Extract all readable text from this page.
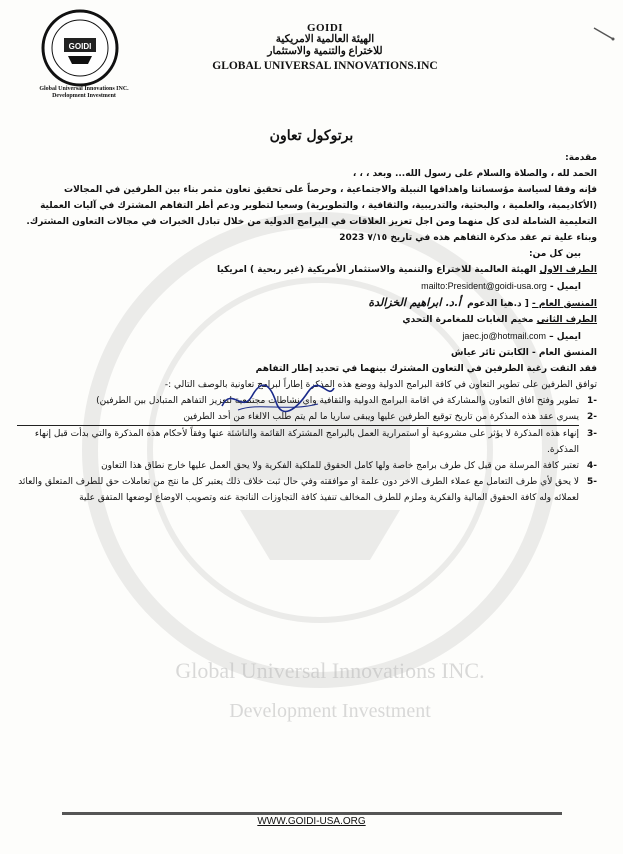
GOIDI
Global Universal Innovations INC.
Development Investment
GOIDI
الهيئة العالمية الامريكية
للاختراع والتنمية والاستثمار
GLOBAL UNIVERSAL INNOVATIONS.INC
برتوكول تعاون

مقدمة:

الحمد لله ، والصلاة والسلام على رسول الله... وبعد ، ، ،

فإنه وفقا لسياسة مؤسساتنا واهدافها النبيلة والاجتماعية ، وحرصاً على تحقيق تعاون مثمر بناء بين الطرفين في المجالات (الأكاديمية، والعلمية ، والبحثية، والتدريبية، والثقافية ، والتطويرية) وسعيا لتطوير ودعم أطر التفاهم المشترك في آليات العملية التعليمية الشاملة لدى كل منهما ومن اجل تعزيز العلاقات في البرامج الدولية من خلال تبادل الخبرات في مجالات التعاون المشترك.

وبناء علية تم عقد مذكرة التفاهم هذه في تاريخ ٧/١٥ 2023

بين كل من:

الطرف الاول الهيئة العالمية للاختراع والتنمية والاستثمار الأمريكية (غير ربحية ) امريكيا

ايميل - mailto:President@goidi-usa.org

المنسق العام - [ د.هيا الدعوم  أ.د. ابراهيم الخزالدة

الطرف الثاني مخيم الغابات للمغامرة التحدي

ايميل – jaec.jo@hotmail.com

المنسق العام - الكابتن ثائر عياش

فقد التقت رغبة الطرفين في التعاون المشترك بينهما في تحديد إطار التفاهم

توافق الطرفين على تطوير التعاون في كافة البرامج الدولية ووضع هذه المذكرة إطاراً لبرامج تعاونية بالوصف التالي :-

-1
تطوير وفتح افاق التعاون والمشاركة في اقامة البرامج الدولية والثقافية واي نشاطات مجتمعية لتعزيز التفاهم المتبادل بين الطرفين)
-2
يسري عقد هذه المذكرة من تاريخ توقيع الطرفين عليها ويبقى ساريا ما لم يتم طلب الالغاء من أحد الطرفين
-3
إنهاء هذه المذكرة لا يؤثر على مشروعية أو استمرارية العمل بالبرامج المشتركة القائمة والناشئة عنها وفقاً لأحكام هذه المذكرة والتي بدأت قبل إنهاء المذكرة.
-4
تعتبر كافة المرسلة من قبل كل طرف برامج خاصة ولها كامل الحقوق للملكية الفكرية ولا يحق العمل عليها خارج نطاق هذا التعاون
-5
لا يحق لأي طرف التعامل مع عملاء الطرف الاخر دون علمة او موافقته وفي حال ثبت خلاف ذلك يعتبر كل ما نتج من تعاملات حق للطرف المتعلق والعائد لعملائه وله كافة الحقوق المالية والفكرية وملزم للطرف المخالف تنفيذ كافة التجاوزات الناتجة عنه وتصويب الاوضاع لوضعها المتفق علية
Global Universal Innovations INC.
Development Investment
WWW.GOIDI-USA.ORG
